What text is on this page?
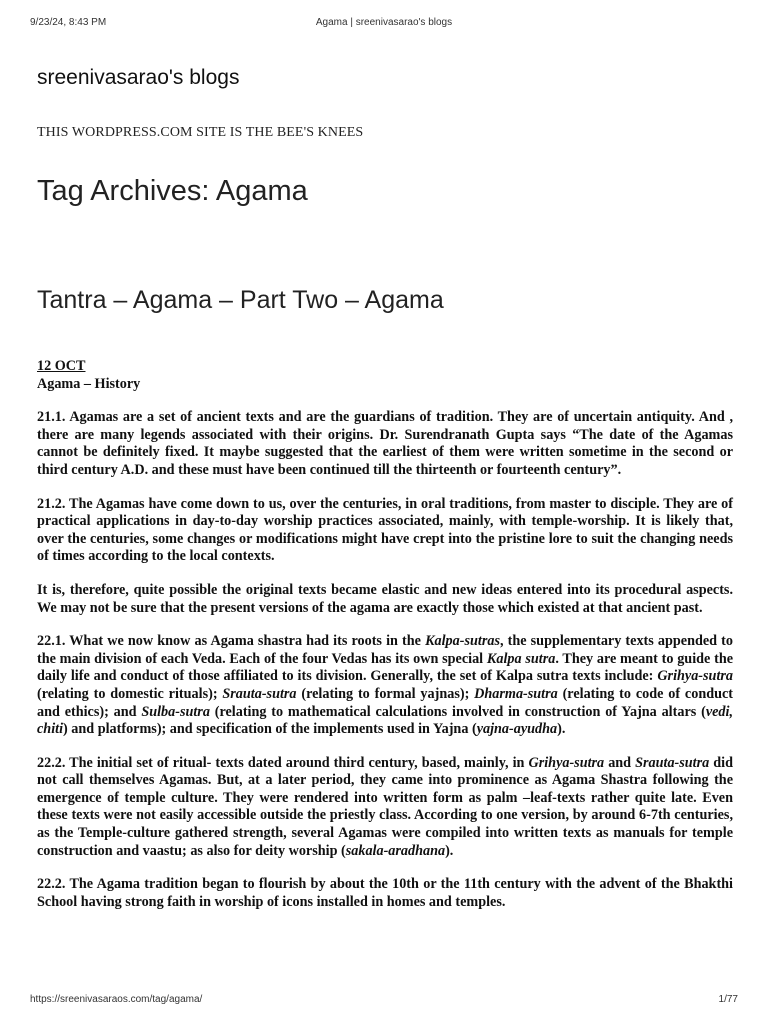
9/23/24, 8:43 PM	Agama | sreenivasarao's blogs
sreenivasarao's blogs
THIS WORDPRESS.COM SITE IS THE BEE'S KNEES
Tag Archives: Agama
Tantra – Agama – Part Two – Agama

12 OCT
Agama – History

21.1. Agamas are a set of ancient texts and are the guardians of tradition. They are of uncertain antiquity. And , there are many legends associated with their origins. Dr. Surendranath Gupta says “The date of the Agamas cannot be definitely fixed. It maybe suggested that the earliest of them were written sometime in the second or third century A.D. and these must have been continued till the thirteenth or fourteenth century”.

21.2. The Agamas have come down to us, over the centuries, in oral traditions, from master to disciple. They are of practical applications in day-to-day worship practices associated, mainly, with temple-worship. It is likely that, over the centuries, some changes or modifications might have crept into the pristine lore to suit the changing needs of times according to the local contexts.

It is, therefore, quite possible the original texts became elastic and new ideas entered into its procedural aspects. We may not be sure that the present versions of the agama are exactly those which existed at that ancient past.

22.1. What we now know as Agama shastra had its roots in the Kalpa-sutras, the supplementary texts appended to the main division of each Veda. Each of the four Vedas has its own special Kalpa sutra. They are meant to guide the daily life and conduct of those affiliated to its division. Generally, the set of Kalpa sutra texts include: Grihya-sutra (relating to domestic rituals); Srauta-sutra (relating to formal yajnas); Dharma-sutra (relating to code of conduct and ethics); and Sulba-sutra (relating to mathematical calculations involved in construction of Yajna altars (vedi, chiti) and platforms); and specification of the implements used in Yajna (yajna-ayudha).

22.2. The initial set of ritual- texts dated around third century, based, mainly, in Grihya-sutra and Srauta-sutra did not call themselves Agamas. But, at a later period, they came into prominence as Agama Shastra following the emergence of temple culture. They were rendered into written form as palm –leaf-texts rather quite late. Even these texts were not easily accessible outside the priestly class. According to one version, by around 6-7th centuries, as the Temple-culture gathered strength, several Agamas were compiled into written texts as manuals for temple construction and vaastu; as also for deity worship (sakala-aradhana).

22.2. The Agama tradition began to flourish by about the 10th or the 11th century with the advent of the Bhakthi School having strong faith in worship of icons installed in homes and temples.

https://sreenivasaraos.com/tag/agama/	1/77
